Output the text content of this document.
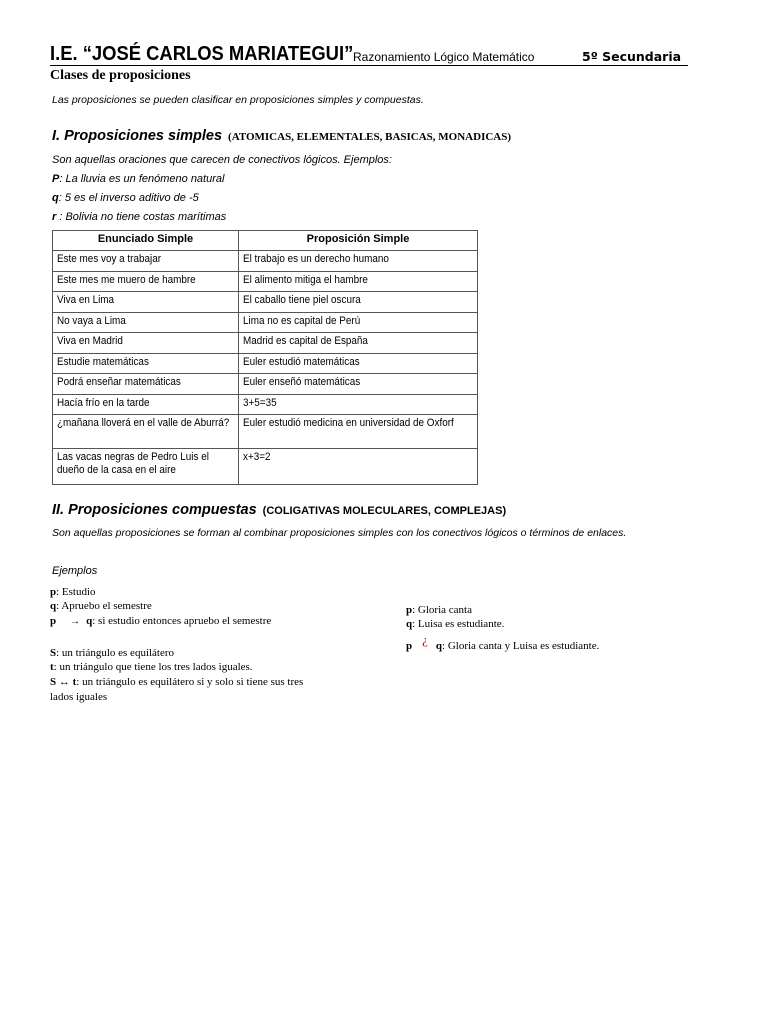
I.E. “JOSÉ CARLOS MARIATEGUI” Razonamiento Lógico Matemático	5º Secundaria
Clases de proposiciones
Las proposiciones se pueden clasificar en proposiciones simples y compuestas.
I. Proposiciones simples (ATOMICAS, ELEMENTALES, BASICAS, MONADICAS)
Son aquellas oraciones que carecen de conectivos lógicos. Ejemplos:
P: La lluvia es un fenómeno natural
q: 5 es el inverso aditivo de -5
r : Bolivia no tiene costas marítimas
Enunciado Simple	Proposición Simple
Este mes voy a trabajar	El trabajo es un derecho humano
Este mes me muero de hambre	El alimento mitiga el hambre
Viva en Lima	El caballo tiene piel oscura
No vaya a Lima	Lima no es capital de Perú
Viva en Madrid	Madrid es capital de España
Estudie matemáticas	Euler estudió matemáticas
Podrá enseñar matemáticas	Euler enseñó matemáticas
Hacía frío en la tarde	3+5=35
¿mañana lloverá en el valle de Aburrá?	Euler estudió medicina en universidad de Oxforf
Las vacas negras de Pedro Luis el dueño de la casa en el aire	x+3=2
II. Proposiciones compuestas (COLIGATIVAS MOLECULARES, COMPLEJAS)
Son aquellas proposiciones se forman al combinar proposiciones simples con los conectivos lógicos o términos de enlaces.
Ejemplos
p: Estudio
q: Apruebo el semestre
p → q: si estudio entonces apruebo el semestre
S: un triángulo es equilátero
t: un triángulo que tiene los tres lados iguales.
S ↔ t: un triángulo es equilátero si y solo si tiene sus tres
lados iguales
p: Gloria canta
q: Luisa es estudiante.
p ¿ q: Gloria canta y Luisa es estudiante.
